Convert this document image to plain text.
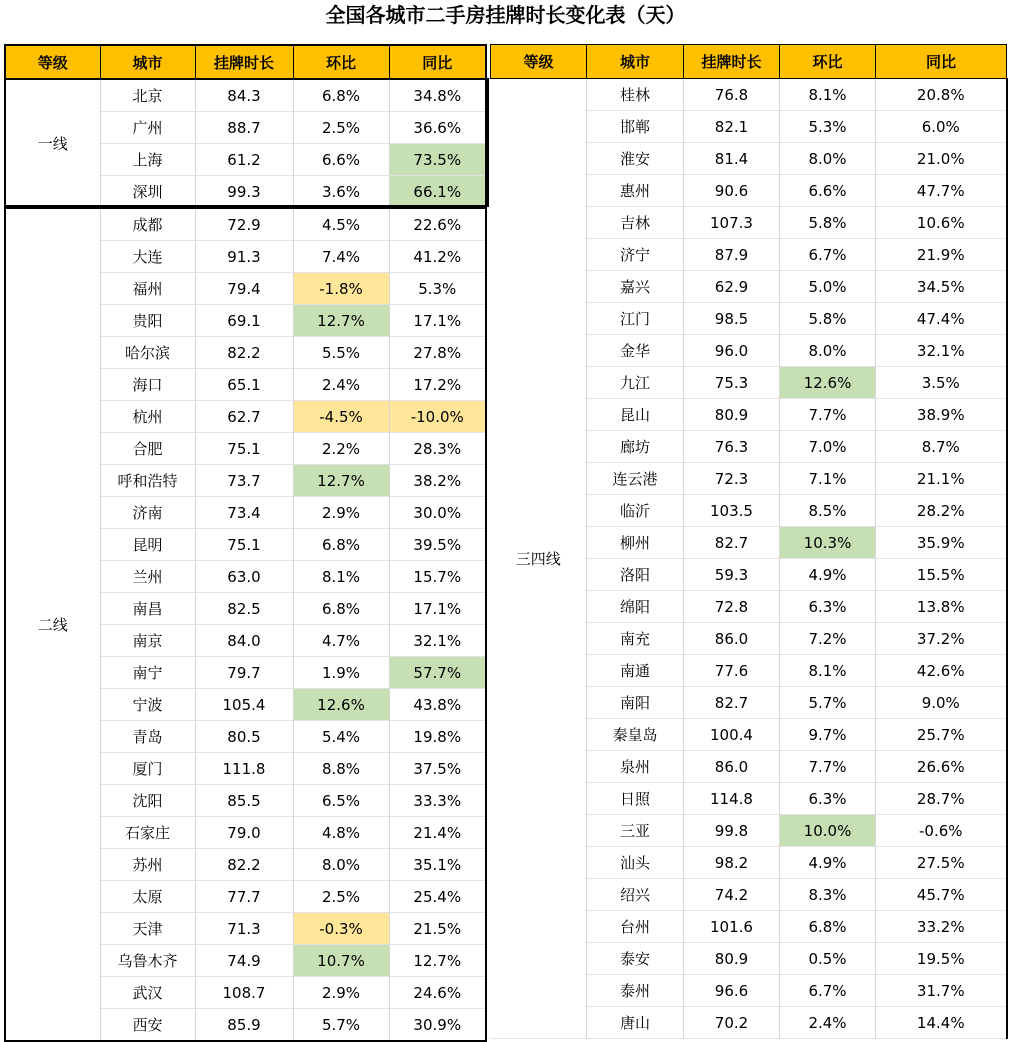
全国各城市二手房挂牌时长变化表（天）
等级	城市	挂牌时长	环比	同比
一线	北京	84.3	6.8%	34.8%
	广州	88.7	2.5%	36.6%
	上海	61.2	6.6%	73.5%
	深圳	99.3	3.6%	66.1%
二线	成都	72.9	4.5%	22.6%
	大连	91.3	7.4%	41.2%
	福州	79.4	-1.8%	5.3%
	贵阳	69.1	12.7%	17.1%
	哈尔滨	82.2	5.5%	27.8%
	海口	65.1	2.4%	17.2%
	杭州	62.7	-4.5%	-10.0%
	合肥	75.1	2.2%	28.3%
	呼和浩特	73.7	12.7%	38.2%
	济南	73.4	2.9%	30.0%
	昆明	75.1	6.8%	39.5%
	兰州	63.0	8.1%	15.7%
	南昌	82.5	6.8%	17.1%
	南京	84.0	4.7%	32.1%
	南宁	79.7	1.9%	57.7%
	宁波	105.4	12.6%	43.8%
	青岛	80.5	5.4%	19.8%
	厦门	111.8	8.8%	37.5%
	沈阳	85.5	6.5%	33.3%
	石家庄	79.0	4.8%	21.4%
	苏州	82.2	8.0%	35.1%
	太原	77.7	2.5%	25.4%
	天津	71.3	-0.3%	21.5%
	乌鲁木齐	74.9	10.7%	12.7%
	武汉	108.7	2.9%	24.6%
	西安	85.9	5.7%	30.9%
等级	城市	挂牌时长	环比	同比
三四线	桂林	76.8	8.1%	20.8%
	邯郸	82.1	5.3%	6.0%
	淮安	81.4	8.0%	21.0%
	惠州	90.6	6.6%	47.7%
	吉林	107.3	5.8%	10.6%
	济宁	87.9	6.7%	21.9%
	嘉兴	62.9	5.0%	34.5%
	江门	98.5	5.8%	47.4%
	金华	96.0	8.0%	32.1%
	九江	75.3	12.6%	3.5%
	昆山	80.9	7.7%	38.9%
	廊坊	76.3	7.0%	8.7%
	连云港	72.3	7.1%	21.1%
	临沂	103.5	8.5%	28.2%
	柳州	82.7	10.3%	35.9%
	洛阳	59.3	4.9%	15.5%
	绵阳	72.8	6.3%	13.8%
	南充	86.0	7.2%	37.2%
	南通	77.6	8.1%	42.6%
	南阳	82.7	5.7%	9.0%
	秦皇岛	100.4	9.7%	25.7%
	泉州	86.0	7.7%	26.6%
	日照	114.8	6.3%	28.7%
	三亚	99.8	10.0%	-0.6%
	汕头	98.2	4.9%	27.5%
	绍兴	74.2	8.3%	45.7%
	台州	101.6	6.8%	33.2%
	泰安	80.9	0.5%	19.5%
	泰州	96.6	6.7%	31.7%
	唐山	70.2	2.4%	14.4%
